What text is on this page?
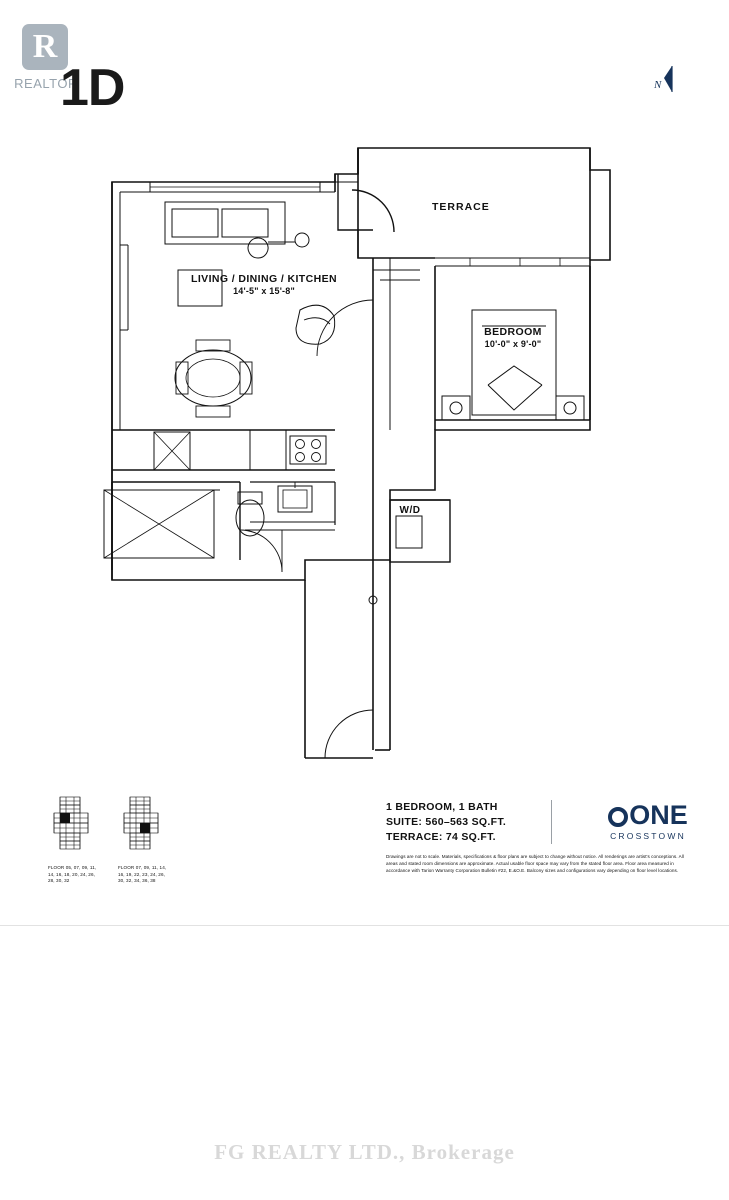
R
REALTOR
1D	N
TERRACE
LIVING / DINING / KITCHEN
14'-5" x 15'-8"
BEDROOM
10'-0" x 9'-0"
W/D
FLOOR 05, 07, 09, 11,
14, 16, 18, 20, 24, 26,
28, 30, 32
FLOOR 07, 09, 11, 14,
16, 19, 22, 23, 24, 26,
30, 32, 34, 36, 38
1 BEDROOM, 1 BATH
SUITE: 560–563 SQ.FT.
TERRACE: 74 SQ.FT.
ONE
CROSSTOWN
Drawings are not to scale. Materials, specifications & floor plans are subject to change without notice. All renderings are artist's conceptions. All areas and stated room dimensions are approximate. Actual usable floor space may vary from the stated floor area. Floor area measured in accordance with Tarion Warranty Corporation Bulletin #22, E.&O.E. Balcony sizes and configurations vary depending on floor level locations.
FG REALTY LTD., Brokerage
